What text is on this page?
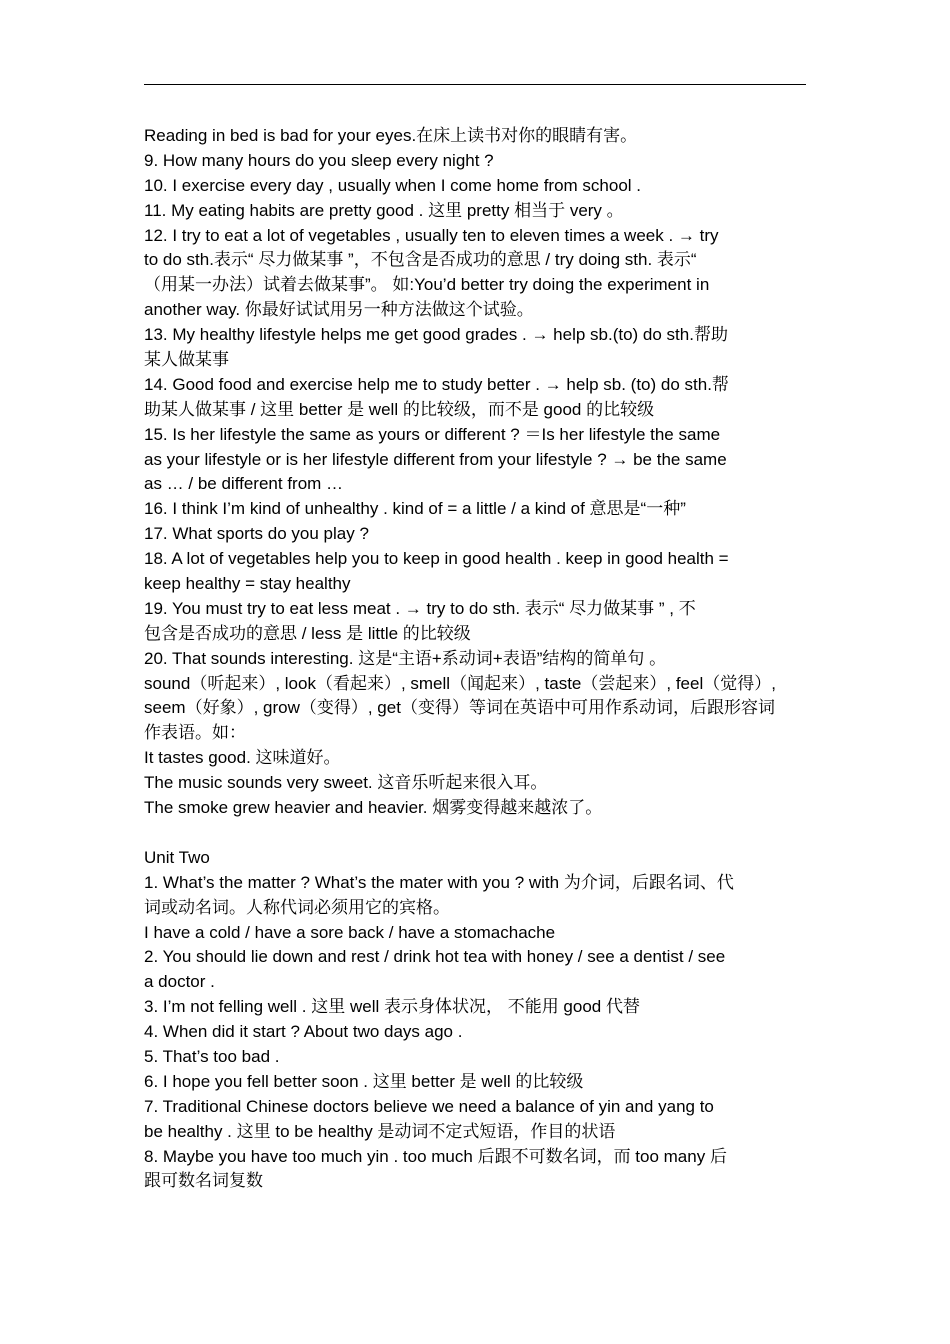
Reading in bed is bad for your eyes.在床上读书对你的眼睛有害。
9. How many hours do you sleep every night ?
10. I exercise every day , usually when I come home from school .
11. My eating habits are pretty good . 这里 pretty 相当于 very 。
12. I try to eat a lot of vegetables , usually ten to eleven times a week . → try
to do sth.表示“ 尽力做某事 ”，不包含是否成功的意思 / try doing sth. 表示“
（用某一办法）试着去做某事”。 如:You’d better try doing the experiment in
another way. 你最好试试用另一种方法做这个试验。
13. My healthy lifestyle helps me get good grades . → help sb.(to) do sth.帮助
某人做某事
14. Good food and exercise help me to study better . → help sb. (to) do sth.帮
助某人做某事 / 这里 better 是 well 的比较级，而不是 good 的比较级
15. Is her lifestyle the same as yours or different ? ＝Is her lifestyle the same
as your lifestyle or is her lifestyle different from your lifestyle ? → be the same
as … / be different from …
16. I think I’m kind of unhealthy . kind of = a little / a kind of 意思是“一种”
17. What sports do you play ?
18. A lot of vegetables help you to keep in good health . keep in good health =
keep healthy = stay healthy
19. You must try to eat less meat . → try to do sth. 表示“ 尽力做某事 ” , 不
包含是否成功的意思 / less 是 little 的比较级
20. That sounds interesting. 这是“主语+系动词+表语”结构的简单句 。
sound（听起来）, look（看起来）, smell（闻起来）, taste（尝起来）, feel（觉得）,
seem（好象）, grow（变得）, get（变得）等词在英语中可用作系动词，后跟形容词
作表语。如：
It tastes good. 这味道好。
The music sounds very sweet. 这音乐听起来很入耳。
The smoke grew heavier and heavier. 烟雾变得越来越浓了。
Unit Two
1. What’s the matter ? What’s the mater with you ? with 为介词，后跟名词、代
词或动名词。人称代词必须用它的宾格。
I have a cold / have a sore back / have a stomachache
2. You should lie down and rest / drink hot tea with honey / see a dentist / see
a doctor .
3. I’m not felling well . 这里 well 表示身体状况， 不能用 good 代替
4. When did it start ? About two days ago .
5. That’s too bad .
6. I hope you fell better soon . 这里 better 是 well 的比较级
7. Traditional Chinese doctors believe we need a balance of yin and yang to
be healthy . 这里 to be healthy 是动词不定式短语，作目的状语
8. Maybe you have too much yin . too much 后跟不可数名词，而 too many 后
跟可数名词复数
